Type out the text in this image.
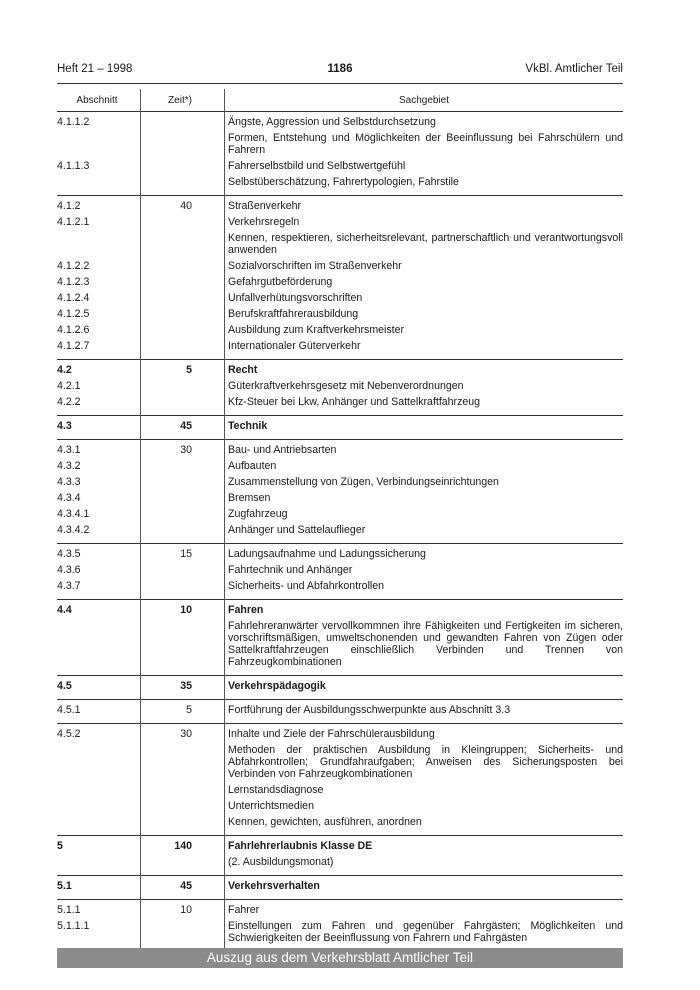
Heft 21 – 1998	1186	VkBl. Amtlicher Teil
Abschnitt	Zeit*)	Sachgebiet
4.1.1.2	Ängste, Aggression und Selbstdurchsetzung
Formen, Entstehung und Möglichkeiten der Beeinflussung bei Fahrschülern und Fahrern
4.1.1.3	Fahrerselbstbild und Selbstwertgefühl
Selbstüberschätzung, Fahrertypologien, Fahrstile
4.1.2	40	Straßenverkehr
4.1.2.1	Verkehrsregeln
Kennen, respektieren, sicherheitsrelevant, partnerschaftlich und verantwortungsvoll anwenden
4.1.2.2	Sozialvorschriften im Straßenverkehr
4.1.2.3	Gefahrgutbeförderung
4.1.2.4	Unfallverhütungsvorschriften
4.1.2.5	Berufskraftfahrerausbildung
4.1.2.6	Ausbildung zum Kraftverkehrsmeister
4.1.2.7	Internationaler Güterverkehr
4.2	5	Recht
4.2.1	Güterkraftverkehrsgesetz mit Nebenverordnungen
4.2.2	Kfz-Steuer bei Lkw, Anhänger und Sattelkraftfahrzeug
4.3	45	Technik
4.3.1	30	Bau- und Antriebsarten
4.3.2	Aufbauten
4.3.3	Zusammenstellung von Zügen, Verbindungseinrichtungen
4.3.4	Bremsen
4.3.4.1	Zugfahrzeug
4.3.4.2	Anhänger und Sattelauflieger
4.3.5	15	Ladungsaufnahme und Ladungssicherung
4.3.6	Fahrtechnik und Anhänger
4.3.7	Sicherheits- und Abfahrkontrollen
4.4	10	Fahren
Fahrlehreranwärter vervollkommnen ihre Fähigkeiten und Fertigkeiten im sicheren, vorschriftsmäßigen, umweltschonenden und gewandten Fahren von Zügen oder Sattelkraftfahrzeugen einschließlich Verbinden und Trennen von Fahrzeugkombinationen
4.5	35	Verkehrspädagogik
4.5.1	5	Fortführung der Ausbildungsschwerpunkte aus Abschnitt 3.3
4.5.2	30	Inhalte und Ziele der Fahrschülerausbildung
Methoden der praktischen Ausbildung in Kleingruppen; Sicherheits- und Abfahrkontrollen; Grundfahraufgaben; Anweisen des Sicherungsposten bei Verbinden von Fahrzeugkombinationen
Lernstandsdiagnose
Unterrichtsmedien
Kennen, gewichten, ausführen, anordnen
5	140	Fahrlehrerlaubnis Klasse DE
(2. Ausbildungsmonat)
5.1	45	Verkehrsverhalten
5.1.1	10	Fahrer
5.1.1.1	Einstellungen zum Fahren und gegenüber Fahrgästen; Möglichkeiten und Schwierigkeiten der Beeinflussung von Fahrern und Fahrgästen
Auszug aus dem Verkehrsblatt Amtlicher Teil
